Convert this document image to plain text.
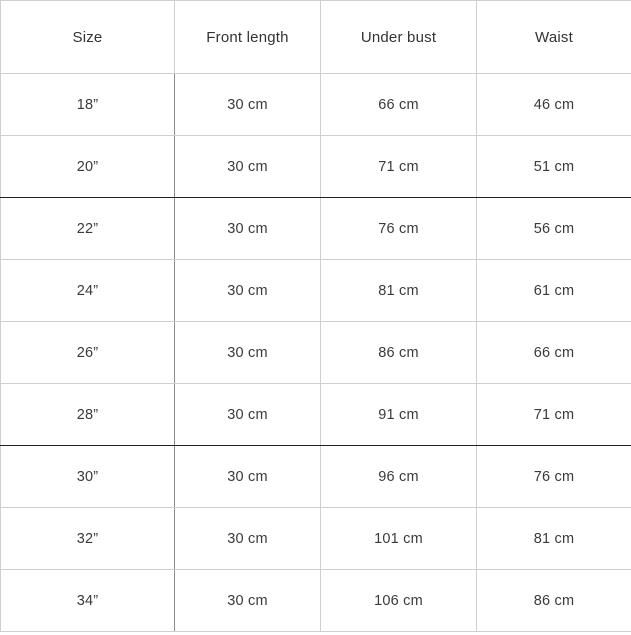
Size	Front length	Under bust	Waist
18”	30 cm	66 cm	46 cm
20”	30 cm	71 cm	51 cm
22”	30 cm	76 cm	56 cm
24”	30 cm	81 cm	61 cm
26”	30 cm	86 cm	66 cm
28”	30 cm	91 cm	71 cm
30”	30 cm	96 cm	76 cm
32”	30 cm	101 cm	81 cm
34”	30 cm	106 cm	86 cm
